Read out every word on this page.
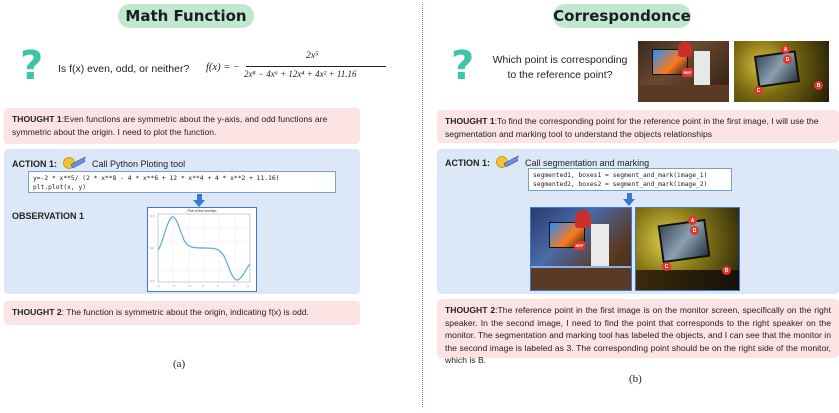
Math Function
? Is f(x) even, odd, or neither? f(x) = −
2x⁵
2x⁸ − 4x⁶ + 12x⁴ + 4x² + 11.16
THOUGHT 1:Even functions are symmetric about the y-axis, and odd functions are symmetric about the origin. I need to plot the function.
ACTION 1:	Call Python Ploting tool
y=-2 * x**5/ (2 * x**8 - 4 * x**6 + 12 * x**4 + 4 * x**2 + 11.16)
plt.plot(x, y)
OBSERVATION 1	Plot of the function
0.5
0.0
−0.5
−4	−3	−2	0	2	3	4
THOUGHT 2: The function is symmetric about the origin, indicating f(x) is odd.
(a)
Correspondonce
? Which point is corresponding
to the reference point?	REF
A
B
C
D
THOUGHT 1:To find the corresponding point for the reference point in the first image, I will use the segmentation and marking tool to understand the objects relationships
ACTION 1:	Call segmentation and marking
segmented1, boxes1 = segment_and_mark(image_1)
segmented2, boxes2 = segment_and_mark(image_2)
REF
A
B
C
D
THOUGHT 2:The reference point in the first image is on the monitor screen, specifically on the right speaker. In the second image, I need to find the point that corresponds to the right speaker on the monitor. The segmentation and marking tool has labeled the objects, and I can see that the monitor in the second image is labeled as 3. The corresponding point should be on the right side of the monitor, which is B.
(b)
